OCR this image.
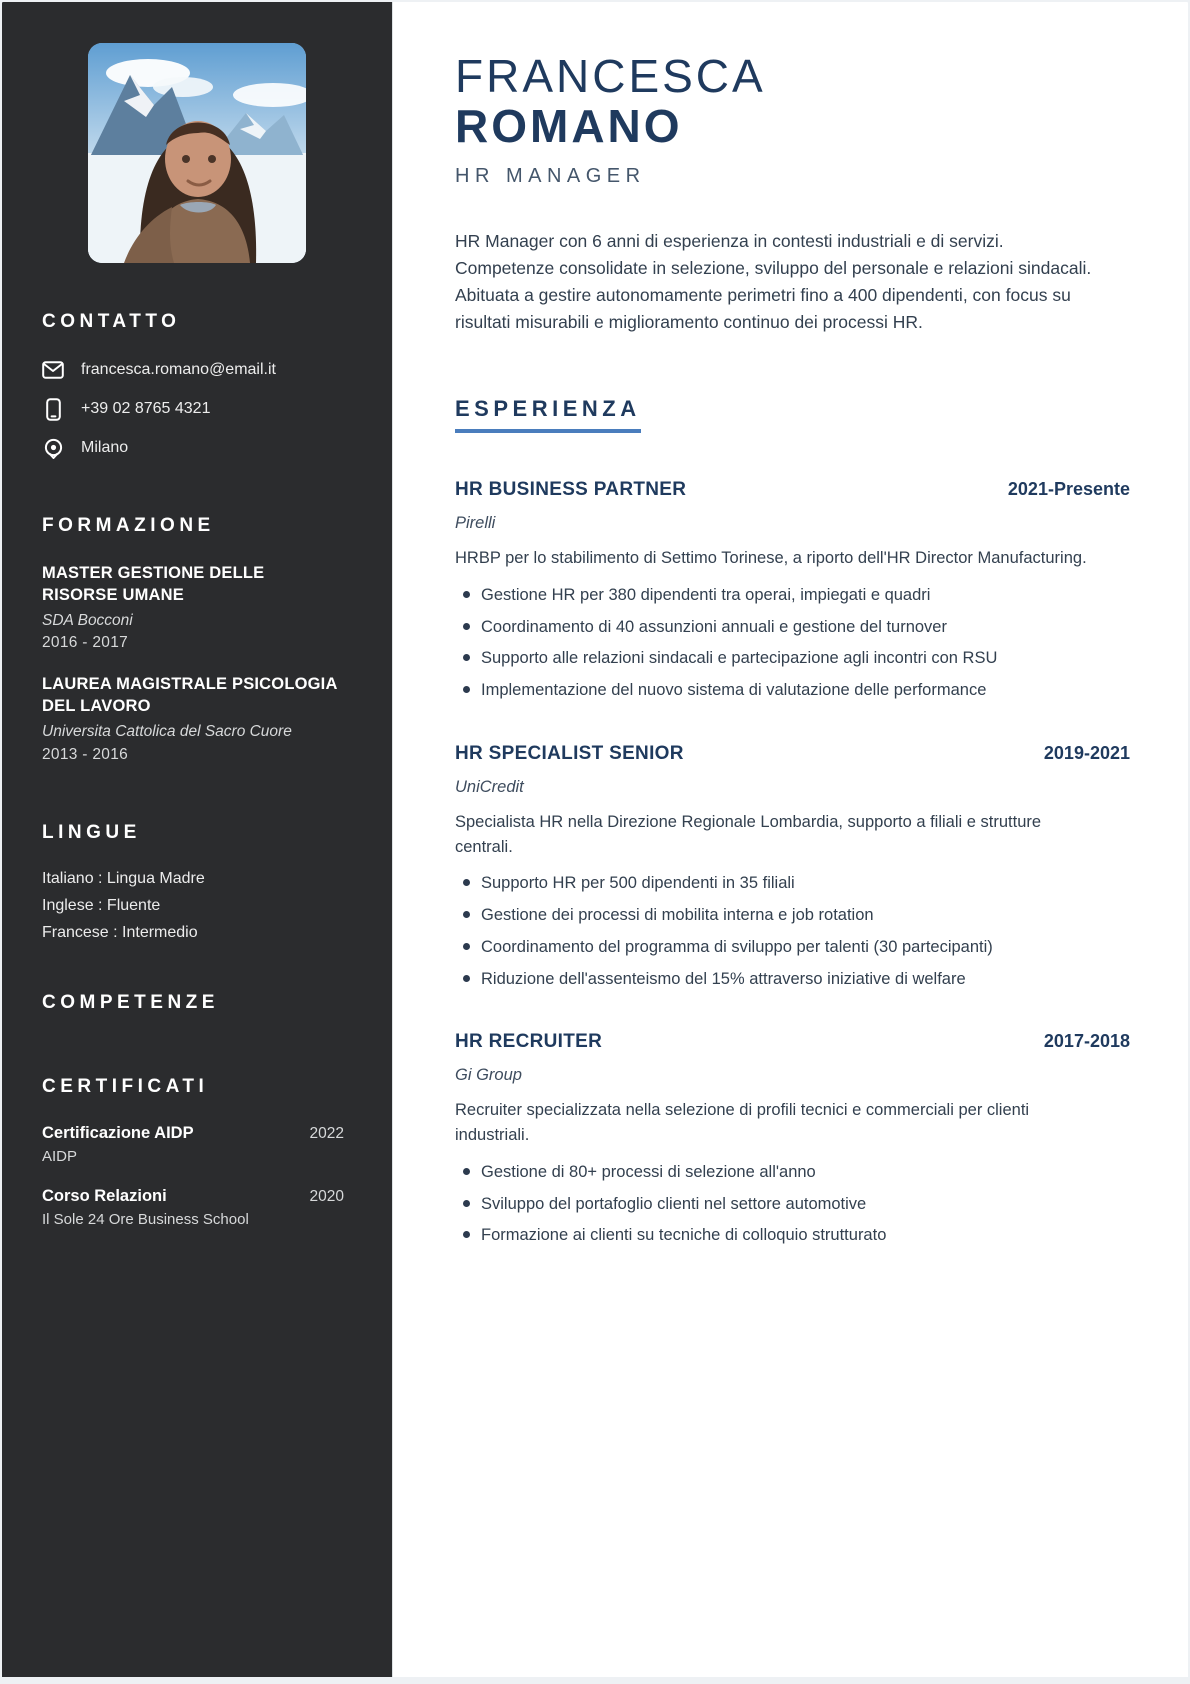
CONTATTO
francesca.romano@email.it
+39 02 8765 4321
Milano
FORMAZIONE
MASTER GESTIONE DELLE RISORSE UMANE
SDA Bocconi
2016 - 2017
LAUREA MAGISTRALE PSICOLOGIA DEL LAVORO
Universita Cattolica del Sacro Cuore
2013 - 2016
LINGUE
Italiano : Lingua Madre
Inglese : Fluente
Francese : Intermedio
COMPETENZE
CERTIFICATI
Certificazione AIDP	2022
AIDP
Corso Relazioni	2020
Il Sole 24 Ore Business School
FRANCESCA
ROMANO
HR MANAGER

HR Manager con 6 anni di esperienza in contesti industriali e di servizi. Competenze consolidate in selezione, sviluppo del personale e relazioni sindacali. Abituata a gestire autonomamente perimetri fino a 400 dipendenti, con focus su risultati misurabili e miglioramento continuo dei processi HR.

ESPERIENZA
HR BUSINESS PARTNER	2021-Presente
Pirelli

HRBP per lo stabilimento di Settimo Torinese, a riporto dell'HR Director Manufacturing.

Gestione HR per 380 dipendenti tra operai, impiegati e quadri
Coordinamento di 40 assunzioni annuali e gestione del turnover
Supporto alle relazioni sindacali e partecipazione agli incontri con RSU
Implementazione del nuovo sistema di valutazione delle performance
HR SPECIALIST SENIOR	2019-2021
UniCredit

Specialista HR nella Direzione Regionale Lombardia, supporto a filiali e strutture centrali.

Supporto HR per 500 dipendenti in 35 filiali
Gestione dei processi di mobilita interna e job rotation
Coordinamento del programma di sviluppo per talenti (30 partecipanti)
Riduzione dell'assenteismo del 15% attraverso iniziative di welfare
HR RECRUITER	2017-2018
Gi Group

Recruiter specializzata nella selezione di profili tecnici e commerciali per clienti industriali.

Gestione di 80+ processi di selezione all'anno
Sviluppo del portafoglio clienti nel settore automotive
Formazione ai clienti su tecniche di colloquio strutturato
